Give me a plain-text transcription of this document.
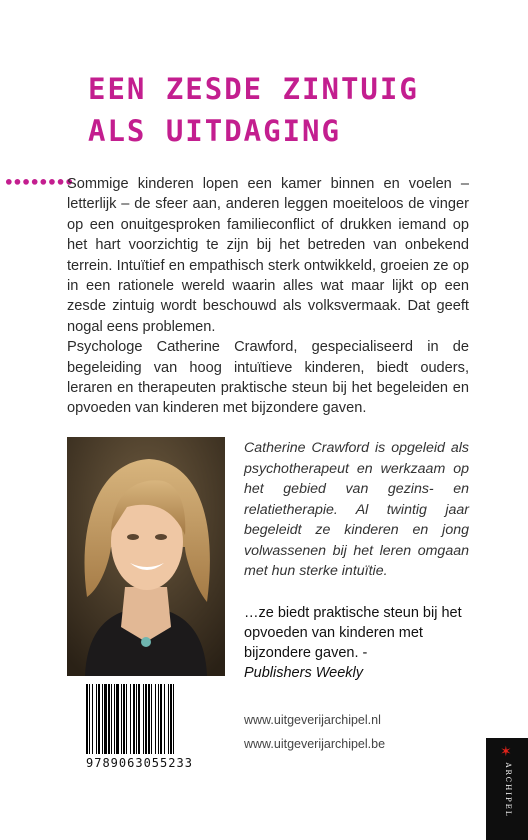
EEN ZESDE ZINTUIG
ALS UITDAGING
••••••••

Sommige kinderen lopen een kamer binnen en voelen – letterlijk – de sfeer aan, anderen leggen moeiteloos de vinger op een onuitgesproken familieconflict of drukken iemand op het hart voorzichtig te zijn bij het betreden van onbekend terrein. Intuïtief en empathisch sterk ontwikkeld, groeien ze op in een rationele wereld waarin alles wat maar lijkt op een zesde zintuig wordt beschouwd als volksvermaak. Dat geeft nogal eens problemen.

Psychologe Catherine Crawford, gespecialiseerd in de begeleiding van hoog intuïtieve kinderen, biedt ouders, leraren en therapeuten praktische steun bij het begeleiden en opvoeden van kinderen met bijzondere gaven.

Catherine Crawford is opgeleid als psychotherapeut en werkzaam op het gebied van gezins- en relatietherapie. Al twintig jaar begeleidt ze kinderen en jong volwassenen bij het leren omgaan met hun sterke intuïtie.

…ze biedt praktische steun bij het opvoeden van kinderen met bijzondere gaven. -
Publishers Weekly

9789063055233
www.uitgeverijarchipel.nl
www.uitgeverijarchipel.be	✶
ARCHIPEL
